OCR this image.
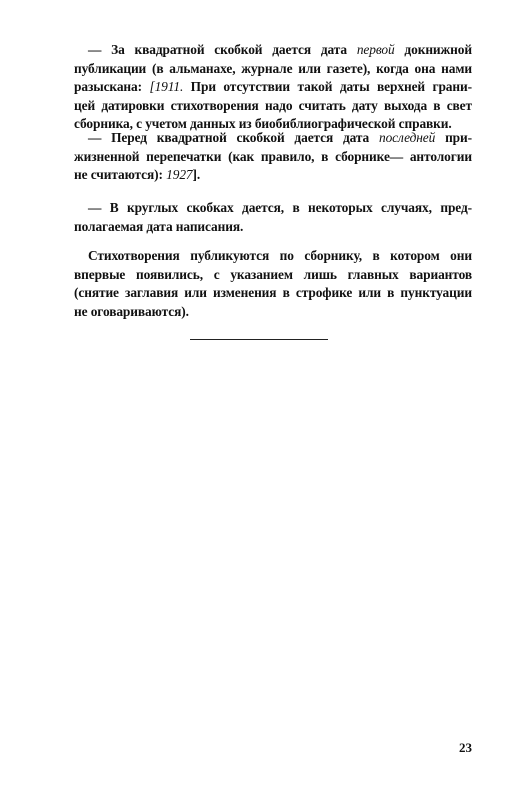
— За квадратной скобкой дается дата первой докнижной
публикации (в альманахе, журнале или газете), когда она нами
разыскана: [1911. При отсутствии такой даты верхней грани-
цей датировки стихотворения надо считать дату выхода в свет
сборника, с учетом данных из биобиблиографической справки.
— Перед квадратной скобкой дается дата последней при-
жизненной перепечатки (как правило, в сборнике— антологии
не считаются): 1927].
— В круглых скобках дается, в некоторых случаях, пред-
полагаемая дата написания.
Стихотворения публикуются по сборнику, в котором они
впервые появились, с указанием лишь главных вариантов
(снятие заглавия или изменения в строфике или в пунктуации
не оговариваются).
23
